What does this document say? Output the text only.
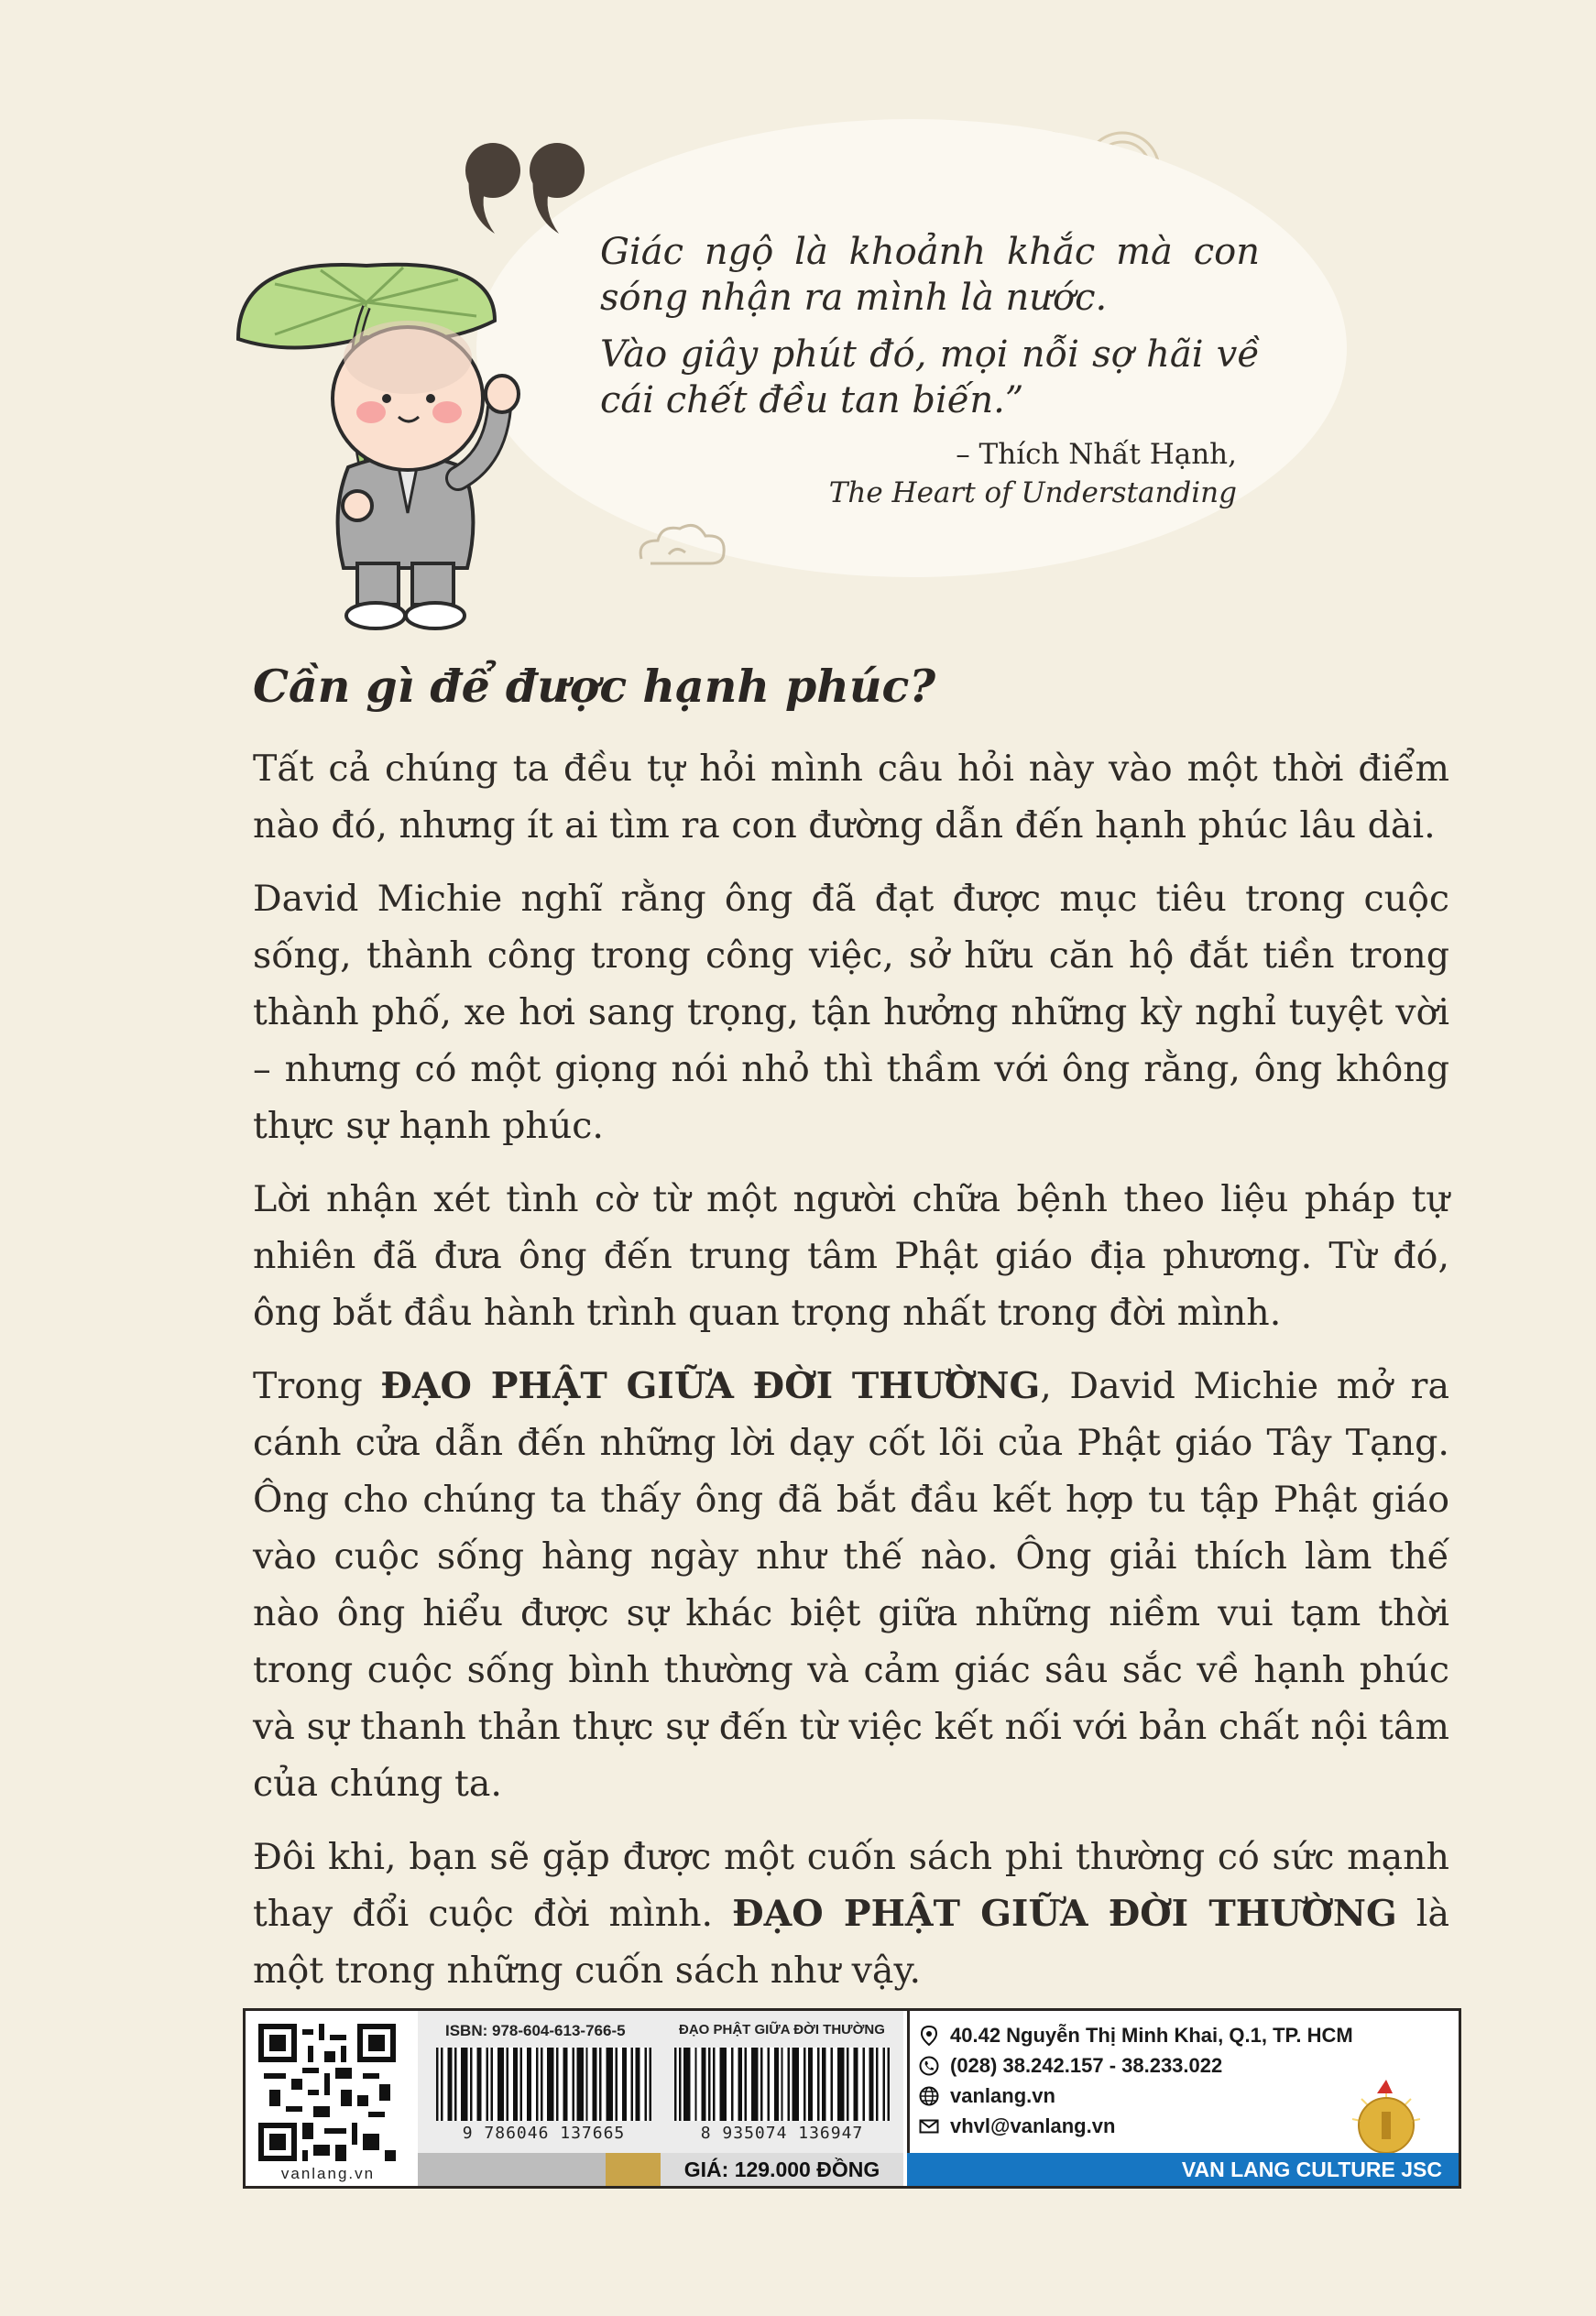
Giác ngộ là khoảnh khắc mà con sóng nhận ra mình là nước.

Vào giây phút đó, mọi nỗi sợ hãi về cái chết đều tan biến.”

– Thích Nhất Hạnh,
The Heart of Understanding
Cần gì để được hạnh phúc?

Tất cả chúng ta đều tự hỏi mình câu hỏi này vào một thời điểm nào đó, nhưng ít ai tìm ra con đường dẫn đến hạnh phúc lâu dài.

David Michie nghĩ rằng ông đã đạt được mục tiêu trong cuộc sống, thành công trong công việc, sở hữu căn hộ đắt tiền trong thành phố, xe hơi sang trọng, tận hưởng những kỳ nghỉ tuyệt vời – nhưng có một giọng nói nhỏ thì thầm với ông rằng, ông không thực sự hạnh phúc.

Lời nhận xét tình cờ từ một người chữa bệnh theo liệu pháp tự nhiên đã đưa ông đến trung tâm Phật giáo địa phương. Từ đó, ông bắt đầu hành trình quan trọng nhất trong đời mình.

Trong ĐẠO PHẬT GIỮA ĐỜI THƯỜNG, David Michie mở ra cánh cửa dẫn đến những lời dạy cốt lõi của Phật giáo Tây Tạng. Ông cho chúng ta thấy ông đã bắt đầu kết hợp tu tập Phật giáo vào cuộc sống hàng ngày như thế nào. Ông giải thích làm thế nào ông hiểu được sự khác biệt giữa những niềm vui tạm thời trong cuộc sống bình thường và cảm giác sâu sắc về hạnh phúc và sự thanh thản thực sự đến từ việc kết nối với bản chất nội tâm của chúng ta.

Đôi khi, bạn sẽ gặp được một cuốn sách phi thường có sức mạnh thay đổi cuộc đời mình. ĐẠO PHẬT GIỮA ĐỜI THƯỜNG là một trong những cuốn sách như vậy.

vanlang.vn
ISBN: 978-604-613-766-5	ĐẠO PHẬT GIỮA ĐỜI THƯỜNG
9 786046 137665	8 935074 136947
GIÁ: 129.000 ĐỒNG
40.42 Nguyễn Thị Minh Khai, Q.1, TP. HCM
(028) 38.242.157 - 38.233.022
vanlang.vn
vhvl@vanlang.vn
VAN LANG CULTURE JSC
